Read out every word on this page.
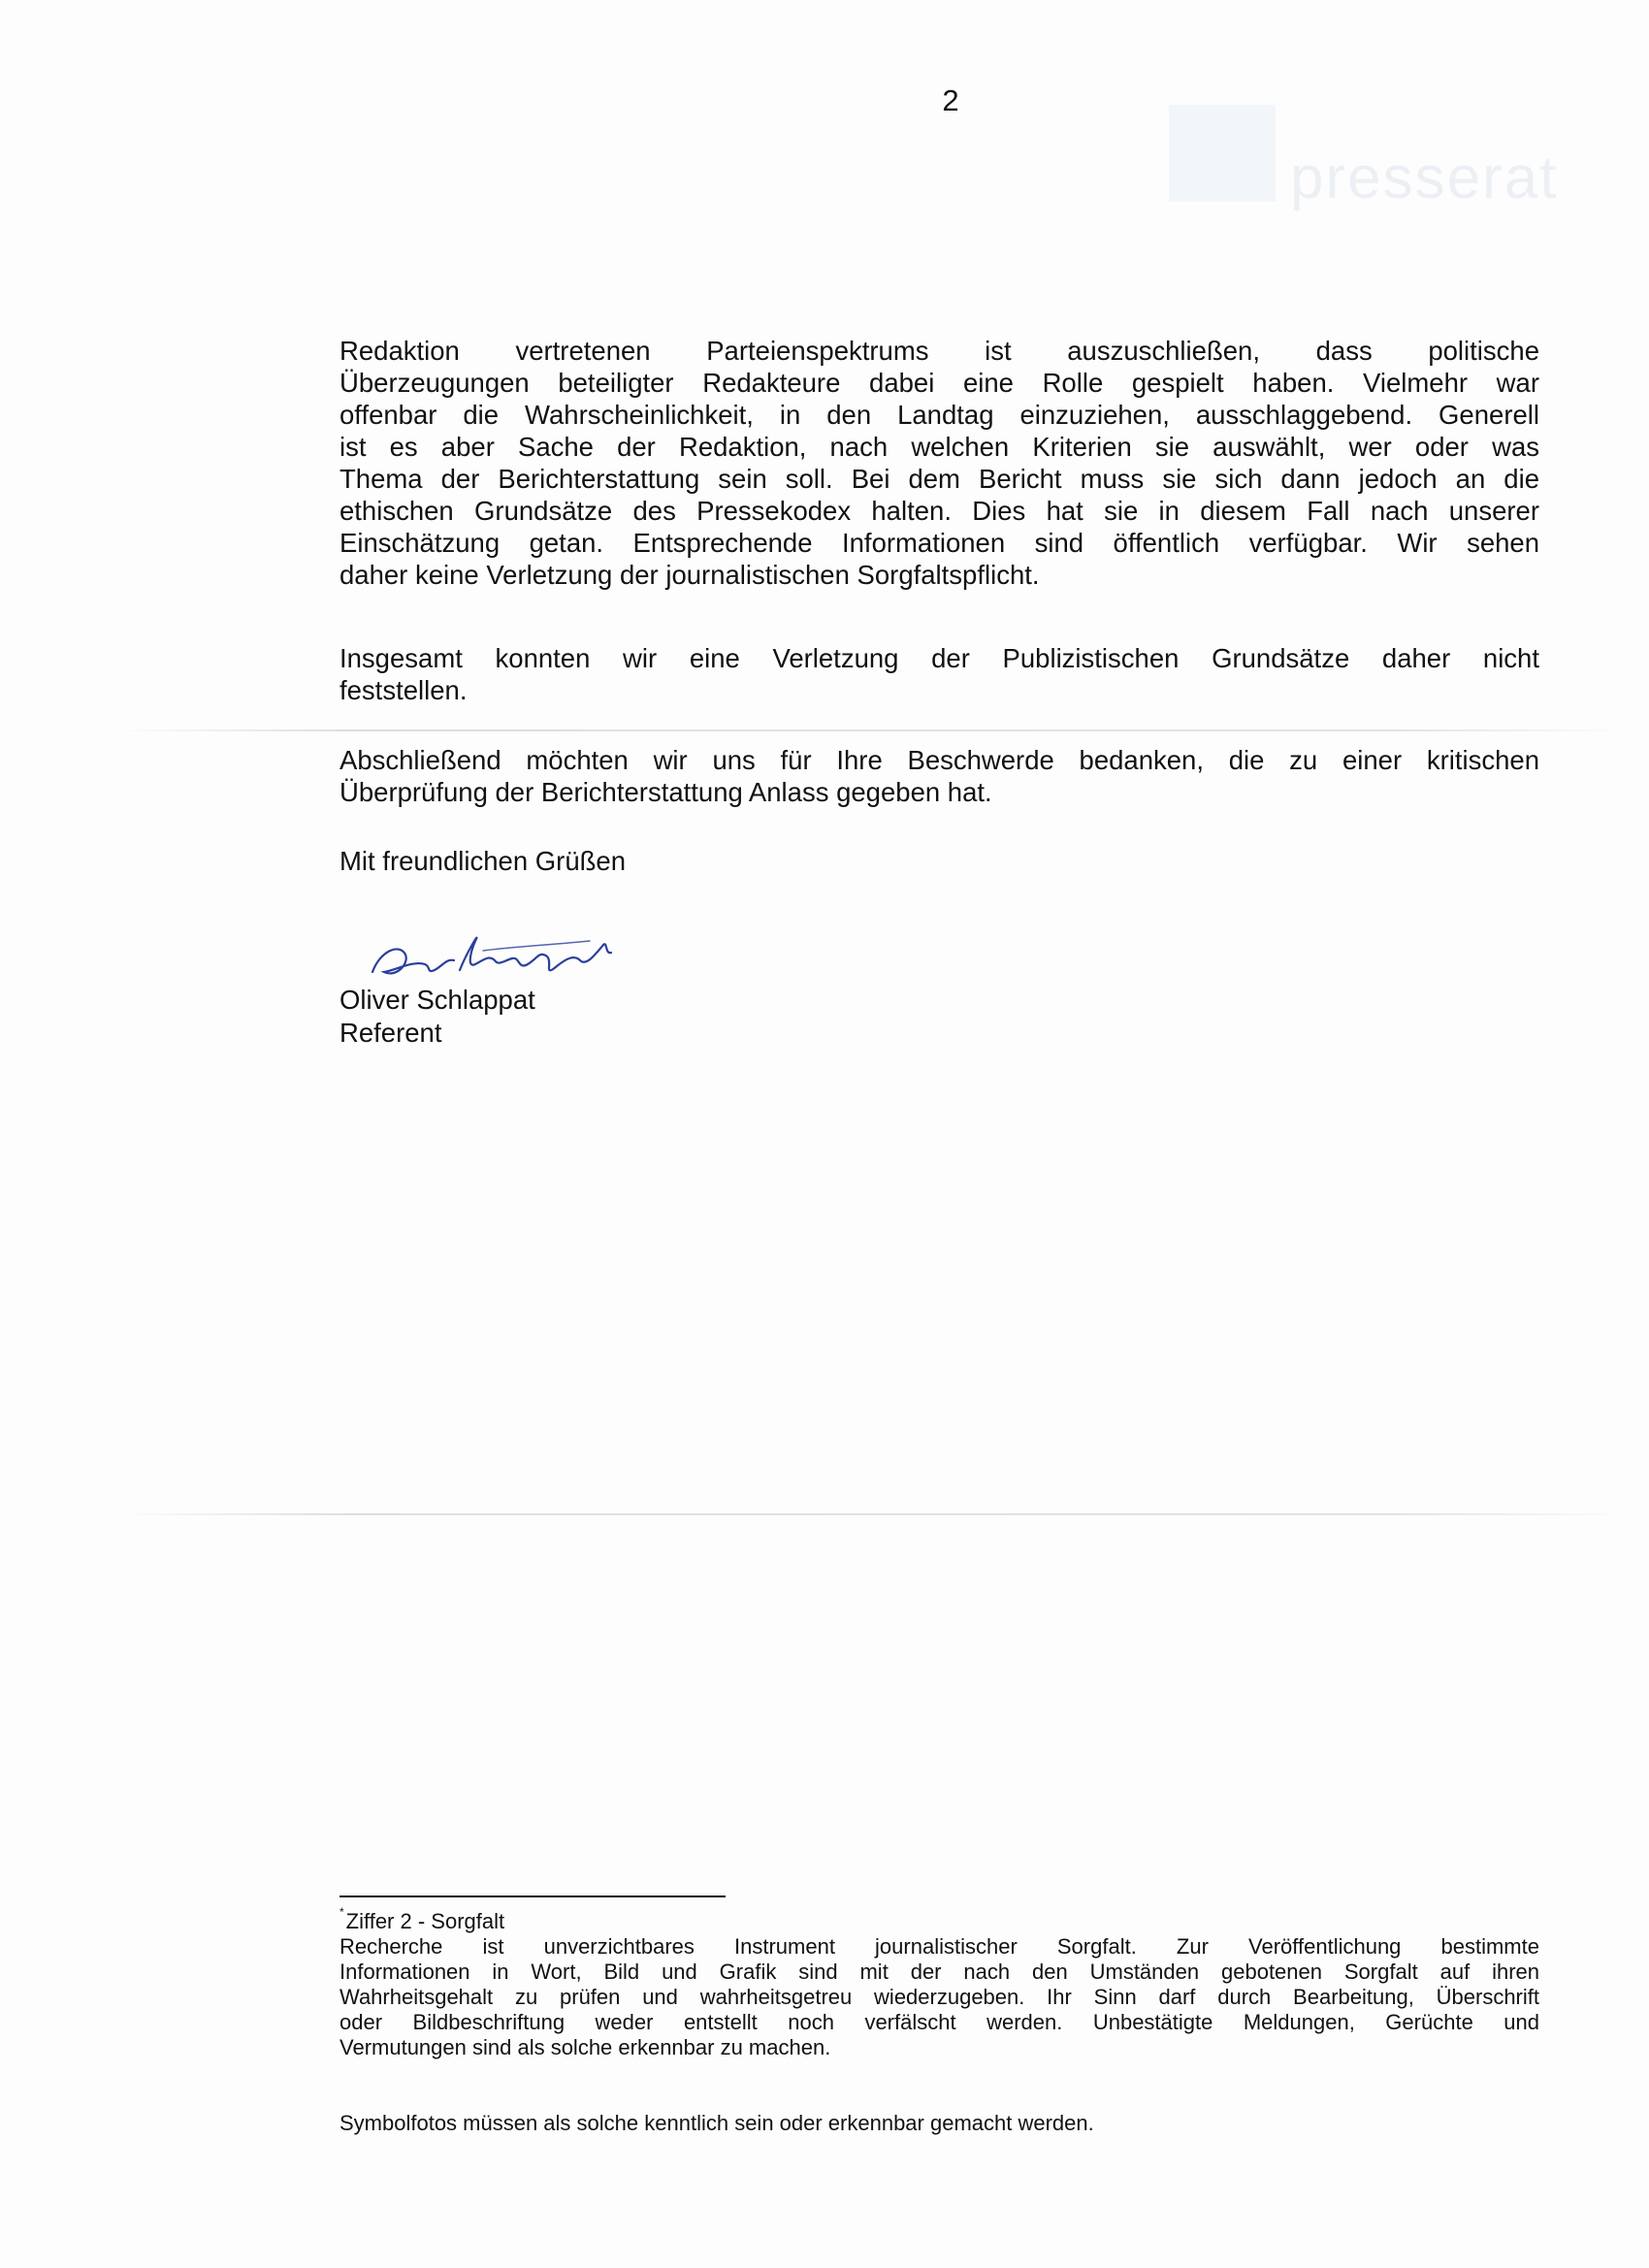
presserat
2

Redaktion vertretenen Parteienspektrums ist auszuschließen, dass politische
Überzeugungen beteiligter Redakteure dabei eine Rolle gespielt haben. Vielmehr war
offenbar die Wahrscheinlichkeit, in den Landtag einzuziehen, ausschlaggebend. Generell
ist es aber Sache der Redaktion, nach welchen Kriterien sie auswählt, wer oder was
Thema der Berichterstattung sein soll. Bei dem Bericht muss sie sich dann jedoch an die
ethischen Grundsätze des Pressekodex halten. Dies hat sie in diesem Fall nach unserer
Einschätzung getan. Entsprechende Informationen sind öffentlich verfügbar. Wir sehen
daher keine Verletzung der journalistischen Sorgfaltspflicht.

Insgesamt konnten wir eine Verletzung der Publizistischen Grundsätze daher nicht
feststellen.

Abschließend möchten wir uns für Ihre Beschwerde bedanken, die zu einer kritischen
Überprüfung der Berichterstattung Anlass gegeben hat.

Mit freundlichen Grüßen

Oliver Schlappat
Referent
*Ziffer 2 - Sorgfalt

Recherche ist unverzichtbares Instrument journalistischer Sorgfalt. Zur Veröffentlichung bestimmte
Informationen in Wort, Bild und Grafik sind mit der nach den Umständen gebotenen Sorgfalt auf ihren
Wahrheitsgehalt zu prüfen und wahrheitsgetreu wiederzugeben. Ihr Sinn darf durch Bearbeitung, Überschrift
oder Bildbeschriftung weder entstellt noch verfälscht werden. Unbestätigte Meldungen, Gerüchte und
Vermutungen sind als solche erkennbar zu machen.

Symbolfotos müssen als solche kenntlich sein oder erkennbar gemacht werden.
